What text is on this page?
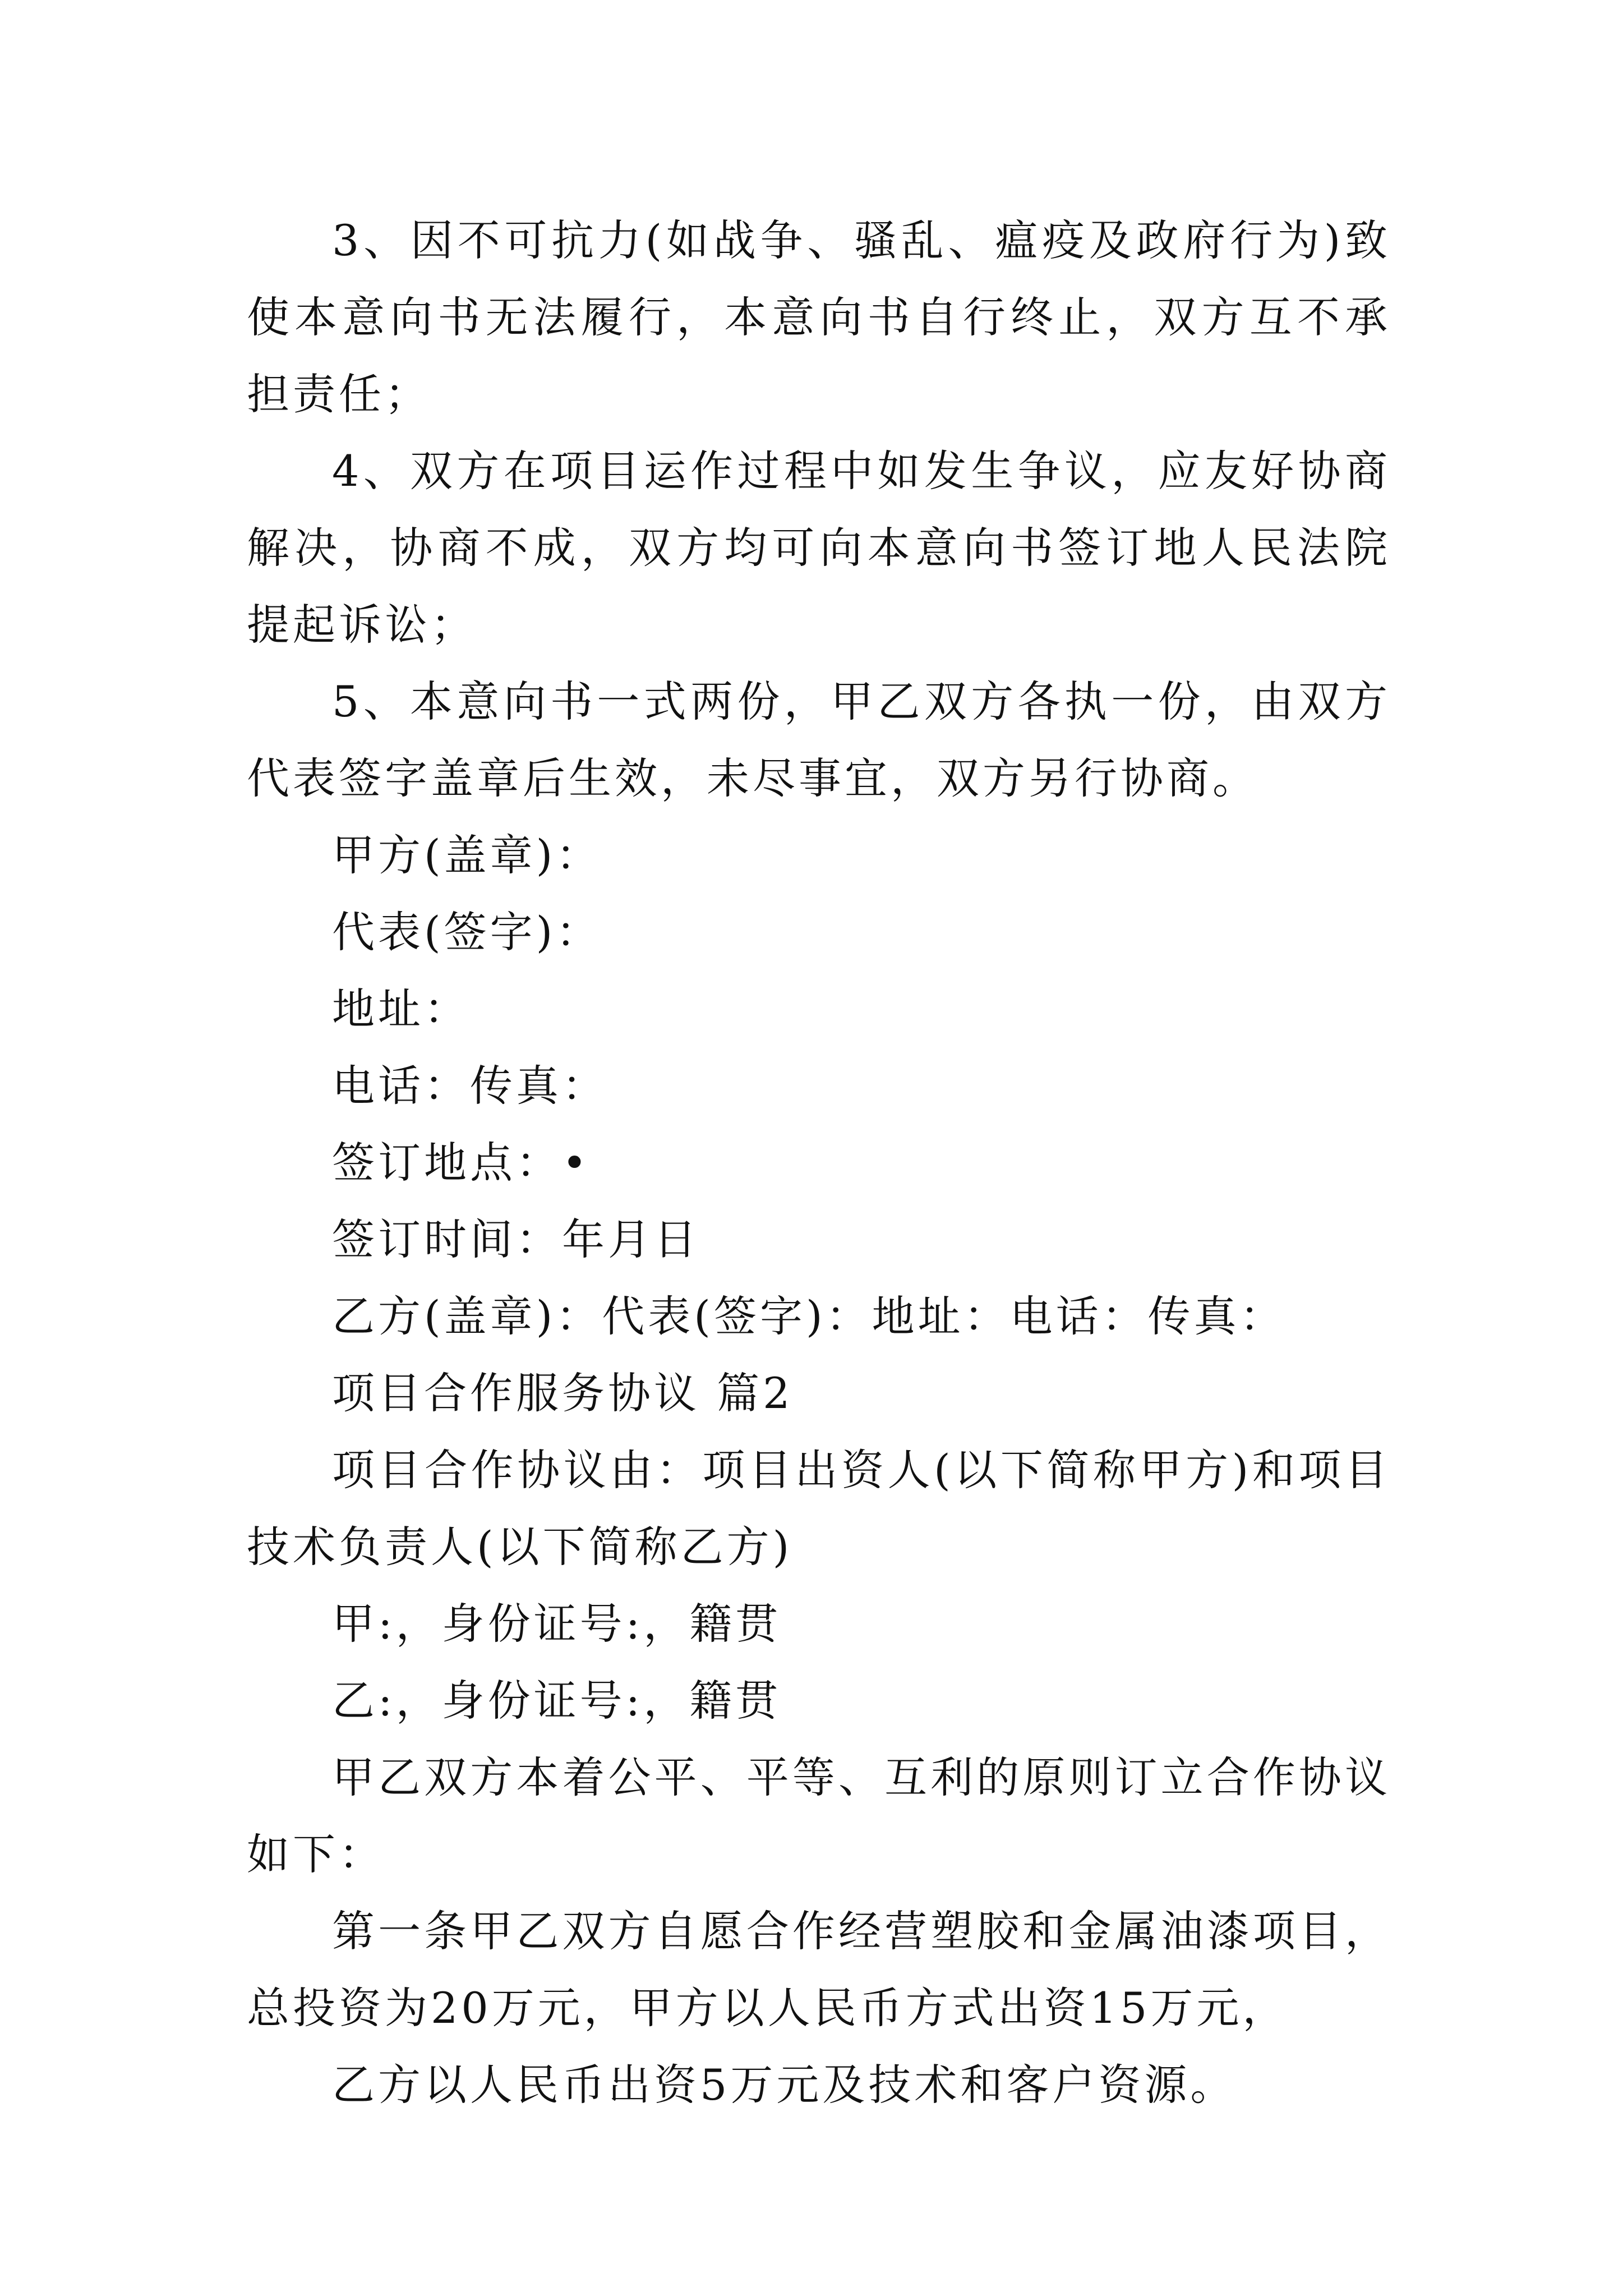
3、因不可抗力(如战争、骚乱、瘟疫及政府行为)致使本意向书无法履行，本意向书自行终止，双方互不承担责任；

4、双方在项目运作过程中如发生争议，应友好协商解决，协商不成，双方均可向本意向书签订地人民法院提起诉讼；

5、本意向书一式两份，甲乙双方各执一份，由双方代表签字盖章后生效，未尽事宜，双方另行协商。

甲方(盖章)：

代表(签字)：

地址：

电话：传真：

签订地点：•

签订时间：年月日

乙方(盖章)：代表(签字)：地址：电话：传真：

项目合作服务协议 篇2

项目合作协议由：项目出资人(以下简称甲方)和项目技术负责人(以下简称乙方)

甲:，身份证号:，籍贯

乙:，身份证号:，籍贯

甲乙双方本着公平、平等、互利的原则订立合作协议如下：

第一条甲乙双方自愿合作经营塑胶和金属油漆项目，总投资为20万元，甲方以人民币方式出资15万元，

乙方以人民币出资5万元及技术和客户资源。
